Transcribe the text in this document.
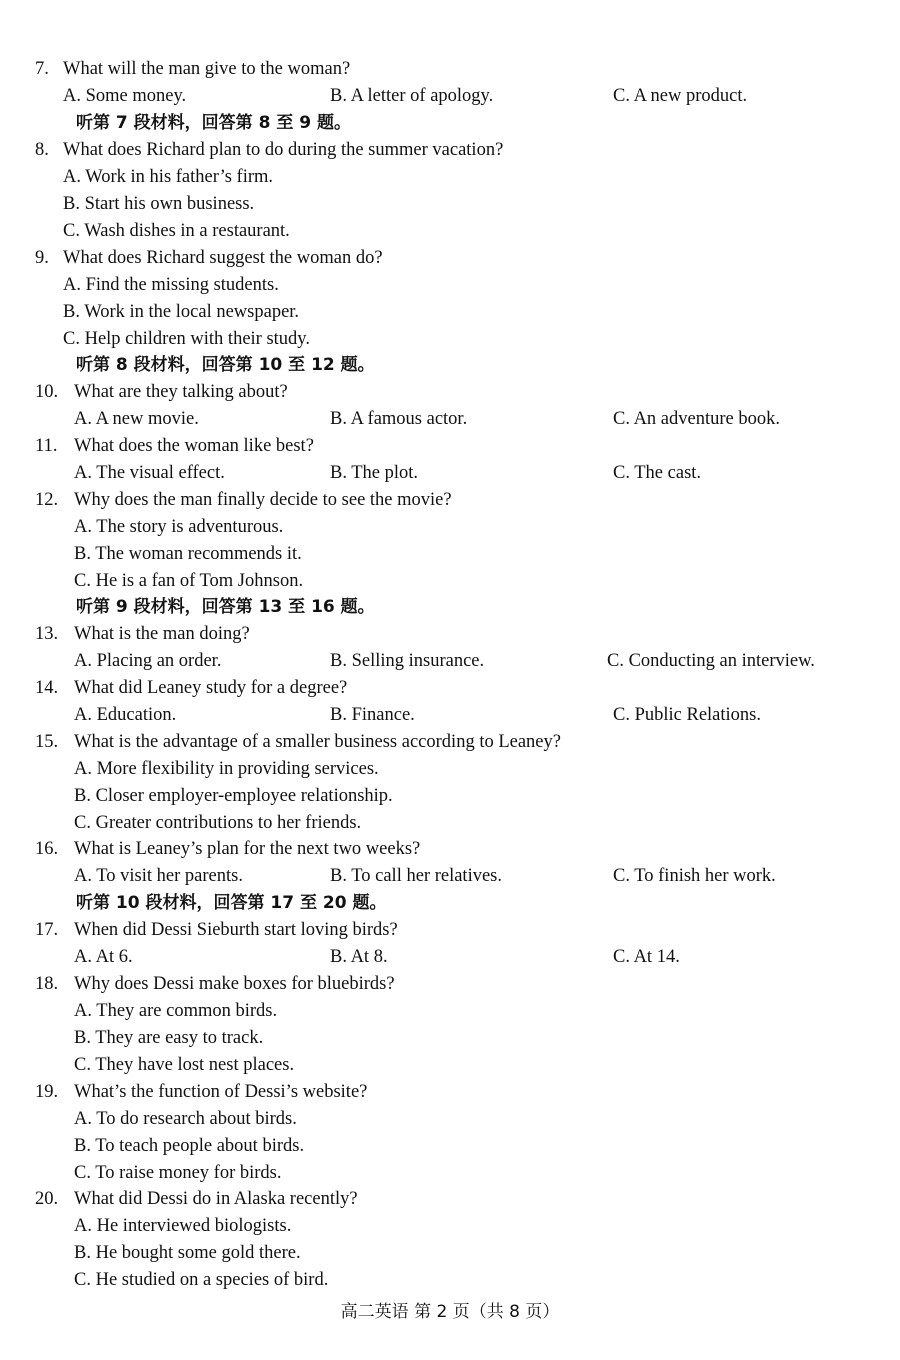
7. What will the man give to the woman?
A. Some money.	B. A letter of apology.	C. A new product.
听第 7 段材料，回答第 8 至 9 题。
8. What does Richard plan to do during the summer vacation?
A. Work in his father’s firm.
B. Start his own business.
C. Wash dishes in a restaurant.
9. What does Richard suggest the woman do?
A. Find the missing students.
B. Work in the local newspaper.
C. Help children with their study.
听第 8 段材料，回答第 10 至 12 题。
10. What are they talking about?
A. A new movie.	B. A famous actor.	C. An adventure book.
11. What does the woman like best?
A. The visual effect.	B. The plot.	C. The cast.
12. Why does the man finally decide to see the movie?
A. The story is adventurous.
B. The woman recommends it.
C. He is a fan of Tom Johnson.
听第 9 段材料，回答第 13 至 16 题。
13. What is the man doing?
A. Placing an order.	B. Selling insurance.	C. Conducting an interview.
14. What did Leaney study for a degree?
A. Education.	B. Finance.	C. Public Relations.
15. What is the advantage of a smaller business according to Leaney?
A. More flexibility in providing services.
B. Closer employer-employee relationship.
C. Greater contributions to her friends.
16. What is Leaney’s plan for the next two weeks?
A. To visit her parents.	B. To call her relatives.	C. To finish her work.
听第 10 段材料，回答第 17 至 20 题。
17. When did Dessi Sieburth start loving birds?
A. At 6.	B. At 8.	C. At 14.
18. Why does Dessi make boxes for bluebirds?
A. They are common birds.
B. They are easy to track.
C. They have lost nest places.
19. What’s the function of Dessi’s website?
A. To do research about birds.
B. To teach people about birds.
C. To raise money for birds.
20. What did Dessi do in Alaska recently?
A. He interviewed biologists.
B. He bought some gold there.
C. He studied on a species of bird.
高二英语 第 2 页（共 8 页）
